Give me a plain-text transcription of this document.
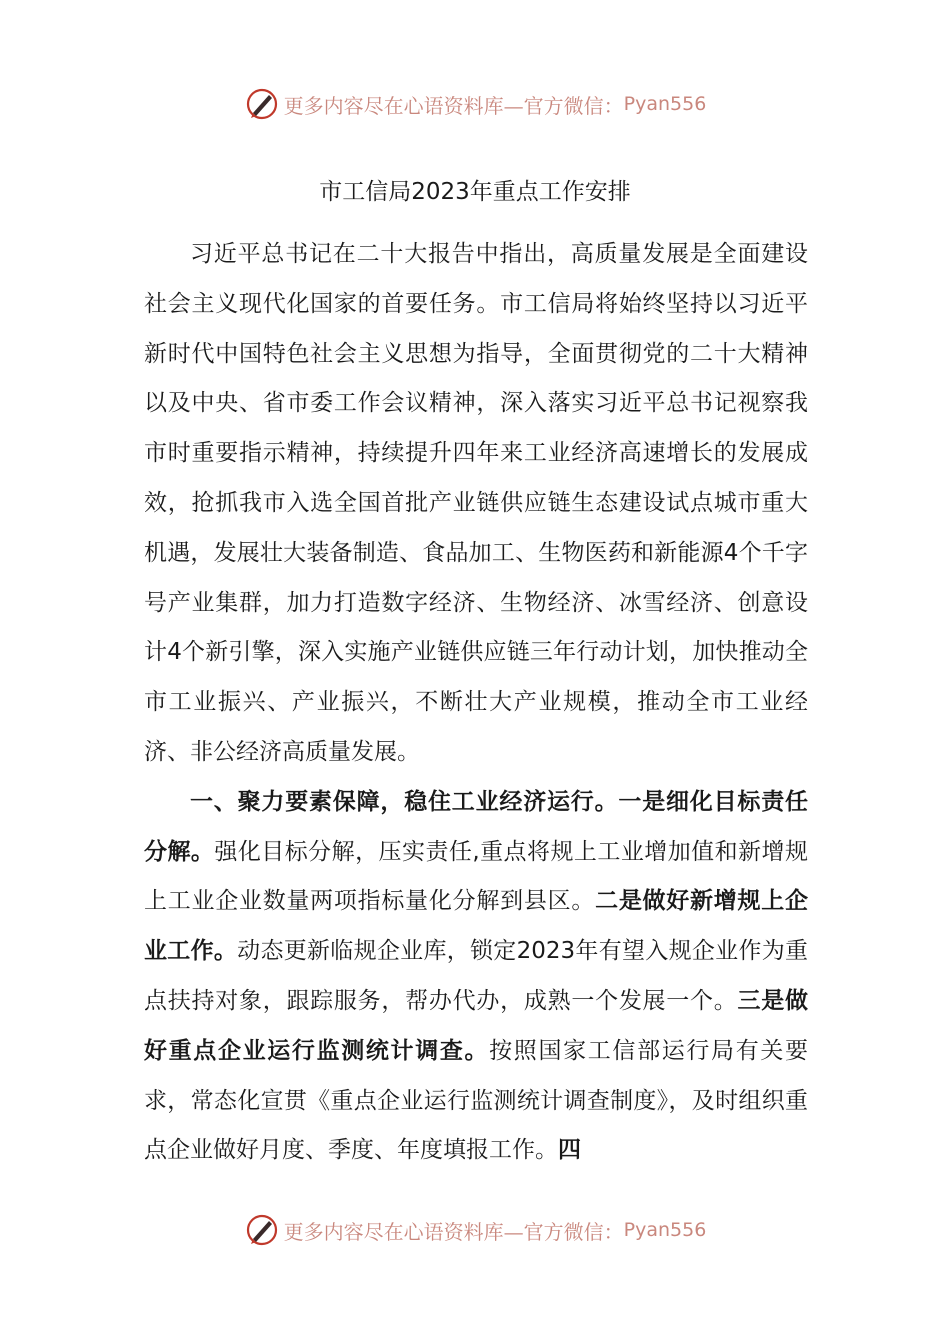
更多内容尽在心语资料库—官方微信： Pyan556
市工信局2023年重点工作安排

习近平总书记在二十大报告中指出，高质量发展是全面建设社会主义现代化国家的首要任务。市工信局将始终坚持以习近平新时代中国特色社会主义思想为指导，全面贯彻党的二十大精神以及中央、省市委工作会议精神，深入落实习近平总书记视察我市时重要指示精神，持续提升四年来工业经济高速增长的发展成效，抢抓我市入选全国首批产业链供应链生态建设试点城市重大机遇，发展壮大装备制造、食品加工、生物医药和新能源4个千字号产业集群，加力打造数字经济、生物经济、冰雪经济、创意设计4个新引擎，深入实施产业链供应链三年行动计划，加快推动全市工业振兴、产业振兴，不断壮大产业规模，推动全市工业经济、非公经济高质量发展。

一、聚力要素保障，稳住工业经济运行。一是细化目标责任分解。强化目标分解，压实责任,重点将规上工业增加值和新增规上工业企业数量两项指标量化分解到县区。二是做好新增规上企业工作。动态更新临规企业库，锁定2023年有望入规企业作为重点扶持对象，跟踪服务，帮办代办，成熟一个发展一个。三是做好重点企业运行监测统计调查。按照国家工信部运行局有关要求，常态化宣贯《重点企业运行监测统计调查制度》，及时组织重点企业做好月度、季度、年度填报工作。四

更多内容尽在心语资料库—官方微信： Pyan556
